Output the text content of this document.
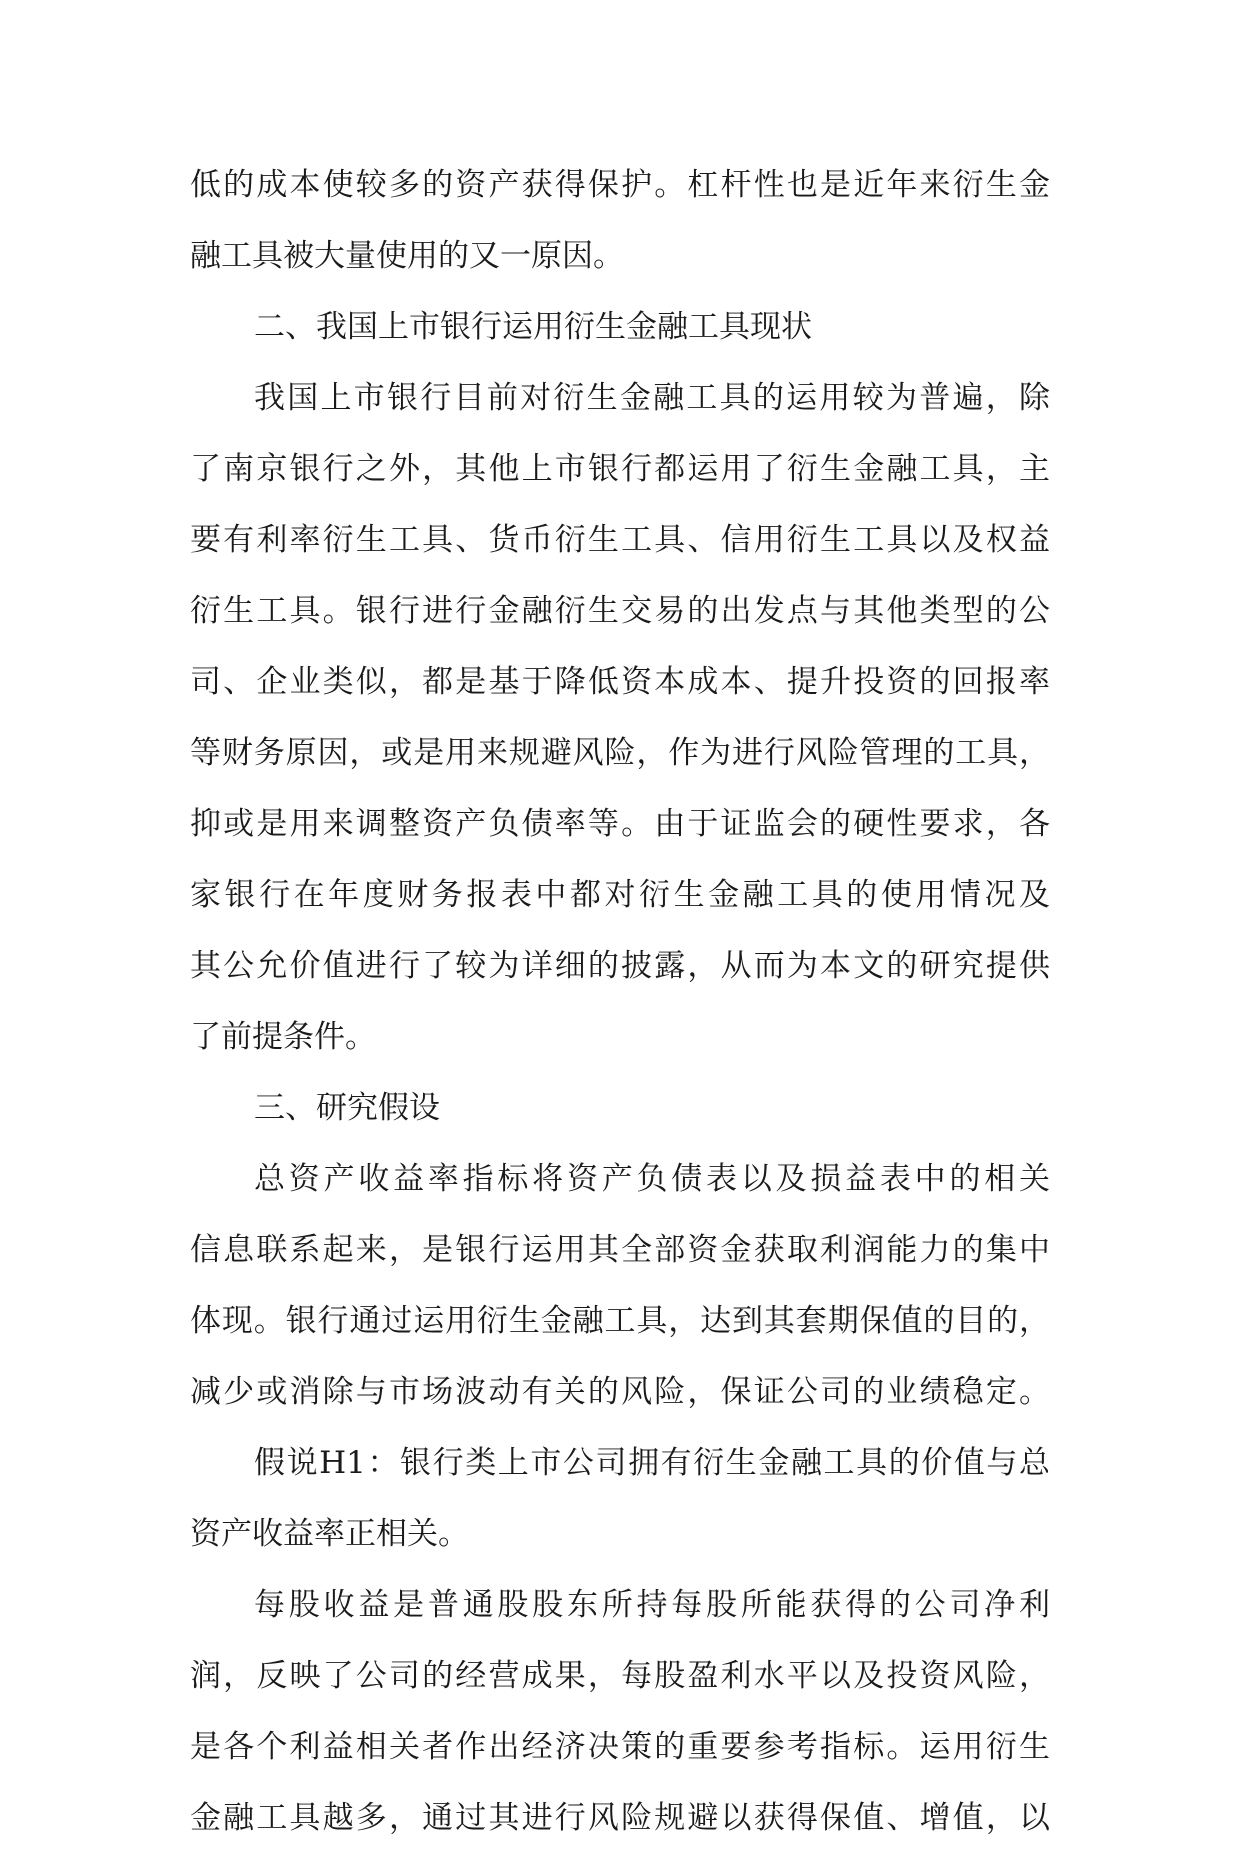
低的成本使较多的资产获得保护。杠杆性也是近年来衍生金
融工具被大量使用的又一原因。
二、我国上市银行运用衍生金融工具现状
我国上市银行目前对衍生金融工具的运用较为普遍，除
了南京银行之外，其他上市银行都运用了衍生金融工具，主
要有利率衍生工具、货币衍生工具、信用衍生工具以及权益
衍生工具。银行进行金融衍生交易的出发点与其他类型的公
司、企业类似，都是基于降低资本成本、提升投资的回报率
等财务原因，或是用来规避风险，作为进行风险管理的工具，
抑或是用来调整资产负债率等。由于证监会的硬性要求，各
家银行在年度财务报表中都对衍生金融工具的使用情况及
其公允价值进行了较为详细的披露，从而为本文的研究提供
了前提条件。
三、研究假设
总资产收益率指标将资产负债表以及损益表中的相关
信息联系起来，是银行运用其全部资金获取利润能力的集中
体现。银行通过运用衍生金融工具，达到其套期保值的目的，
减少或消除与市场波动有关的风险，保证公司的业绩稳定。
假说H1：银行类上市公司拥有衍生金融工具的价值与总
资产收益率正相关。
每股收益是普通股股东所持每股所能获得的公司净利
润，反映了公司的经营成果，每股盈利水平以及投资风险，
是各个利益相关者作出经济决策的重要参考指标。运用衍生
金融工具越多，通过其进行风险规避以获得保值、增值，以
